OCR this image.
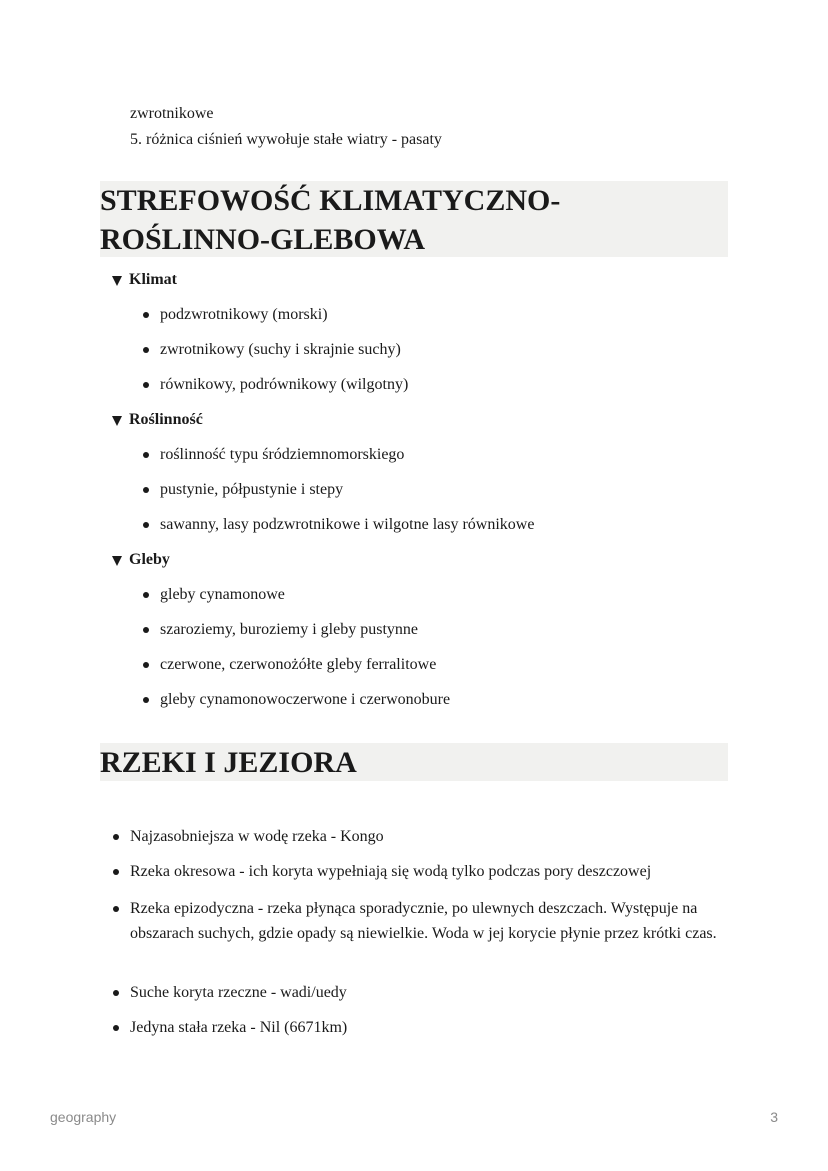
zwrotnikowe
5. różnica ciśnień wywołuje stałe wiatry - pasaty
STREFOWOŚĆ KLIMATYCZNO-
ROŚLINNO-GLEBOWA
Klimat
podzwrotnikowy (morski)
zwrotnikowy (suchy i skrajnie suchy)
równikowy, podrównikowy (wilgotny)
Roślinność
roślinność typu śródziemnomorskiego
pustynie, półpustynie i stepy
sawanny, lasy podzwrotnikowe i wilgotne lasy równikowe
Gleby
gleby cynamonowe
szaroziemy, buroziemy i gleby pustynne
czerwone, czerwonożółte gleby ferralitowe
gleby cynamonowoczerwone i czerwonobure
RZEKI I JEZIORA
Najzasobniejsza w wodę rzeka - Kongo
Rzeka okresowa - ich koryta wypełniają się wodą tylko podczas pory deszczowej
Rzeka epizodyczna - rzeka płynąca sporadycznie, po ulewnych deszczach. Występuje na obszarach suchych, gdzie opady są niewielkie. Woda w jej korycie płynie przez krótki czas.
Suche koryta rzeczne - wadi/uedy
Jedyna stała rzeka - Nil (6671km)
geography	3
